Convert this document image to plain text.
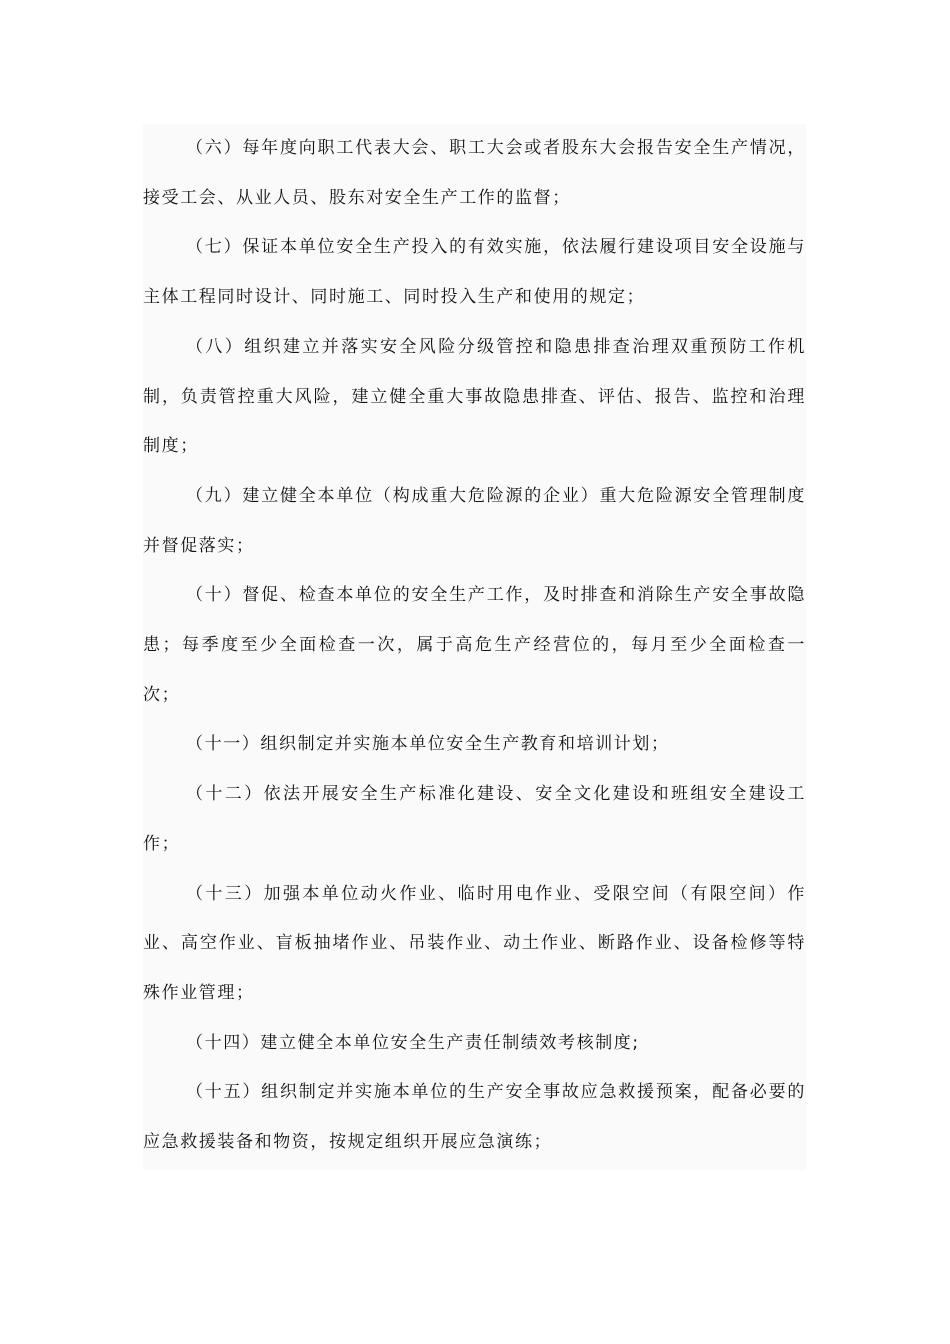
（六）每年度向职工代表大会、职工大会或者股东大会报告安全生产情况，接受工会、从业人员、股东对安全生产工作的监督；

（七）保证本单位安全生产投入的有效实施，依法履行建设项目安全设施与主体工程同时设计、同时施工、同时投入生产和使用的规定；

（八）组织建立并落实安全风险分级管控和隐患排查治理双重预防工作机制，负责管控重大风险，建立健全重大事故隐患排查、评估、报告、监控和治理制度；

（九）建立健全本单位（构成重大危险源的企业）重大危险源安全管理制度并督促落实；

（十）督促、检查本单位的安全生产工作，及时排查和消除生产安全事故隐患；每季度至少全面检查一次，属于高危生产经营位的，每月至少全面检查一次；

（十一）组织制定并实施本单位安全生产教育和培训计划；

（十二）依法开展安全生产标准化建设、安全文化建设和班组安全建设工作；

（十三）加强本单位动火作业、临时用电作业、受限空间（有限空间）作业、高空作业、盲板抽堵作业、吊装作业、动土作业、断路作业、设备检修等特殊作业管理；

（十四）建立健全本单位安全生产责任制绩效考核制度;

（十五）组织制定并实施本单位的生产安全事故应急救援预案，配备必要的应急救援装备和物资，按规定组织开展应急演练；
